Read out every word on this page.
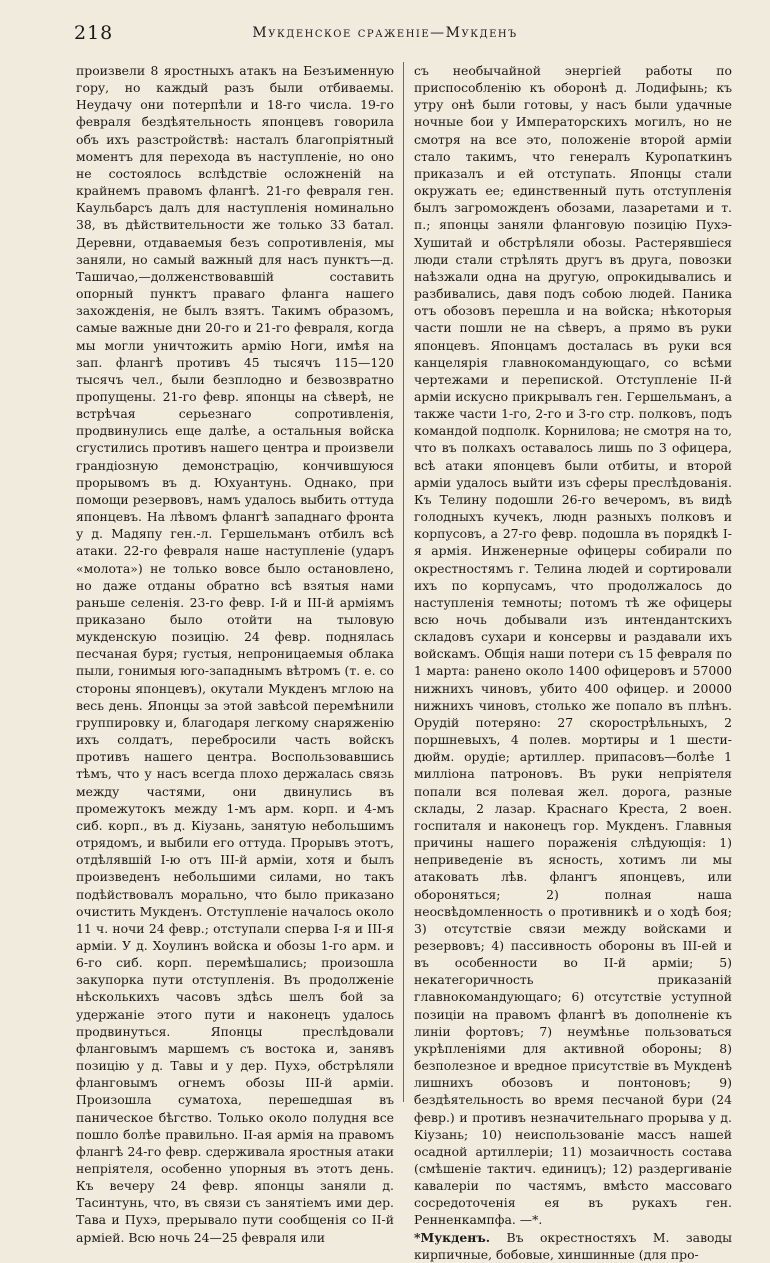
218	Мукденское сраженіе—Мукденъ

произвели 8 яростныхъ атакъ на Безъименную гору, но каждый разъ были отбиваемы. Неудачу они потерпѣли и 18-го числа. 19-го февраля бездѣятельность японцевъ говорила объ ихъ разстройствѣ: насталъ благопріятный моментъ для перехода въ наступленіе, но оно не состоялось вслѣдствіе осложненій на крайнемъ правомъ флангѣ. 21-го февраля ген. Каульбарсъ далъ для наступленія номинально 38, въ дѣйствительности же только 33 батал. Деревни, отдаваемыя безъ сопротивленія, мы заняли, но самый важный для насъ пунктъ—д. Ташичао,—долженствовавшій составить опорный пунктъ праваго фланга нашего захожденія, не былъ взятъ. Такимъ образомъ, самые важные дни 20-го и 21-го февраля, когда мы могли уничтожить армію Ноги, имѣя на зап. флангѣ противъ 45 тысячъ 115—120 тысячъ чел., были безплодно и безвозвратно пропущены. 21-го февр. японцы на сѣверѣ, не встрѣчая серьезнаго сопротивленія, продвинулись еще далѣе, а остальныя войска сгустились противъ нашего центра и произвели грандіозную демонстрацію, кончившуюся прорывомъ въ д. Юхуантунь. Однако, при помощи резервовъ, намъ удалось выбить оттуда японцевъ. На лѣвомъ флангѣ западнаго фронта у д. Мадяпу ген.-л. Гершельманъ отбилъ всѣ атаки. 22-го февраля наше наступленіе (ударъ «молота») не только вовсе было остановлено, но даже отданы обратно всѣ взятыя нами раньше селенія. 23-го февр. I-й и III-й арміямъ приказано было отойти на тыловую мукденскую позицію. 24 февр. поднялась песчаная буря; густыя, непроницаемыя облака пыли, гонимыя юго-западнымъ вѣтромъ (т. е. со стороны японцевъ), окутали Мукденъ мглою на весь день. Японцы за этой завѣсой перемѣнили группировку и, благодаря легкому снаряженію ихъ солдатъ, перебросили часть войскъ противъ нашего центра. Воспользовавшись тѣмъ, что у насъ всегда плохо держалась связь между частями, они двинулись въ промежутокъ между 1-мъ арм. корп. и 4-мъ сиб. корп., въ д. Кіузань, занятую небольшимъ отрядомъ, и выбили его оттуда. Прорывъ этотъ, отдѣлявшій I-ю отъ III-й арміи, хотя и былъ произведенъ небольшими силами, но такъ подѣйствовалъ морально, что было приказано очистить Мукденъ. Отступленіе началось около 11 ч. ночи 24 февр.; отступали сперва I-я и III-я арміи. У д. Хоулинъ войска и обозы 1-го арм. и 6-го сиб. корп. перемѣшались; произошла закупорка пути отступленія. Въ продолженіе нѣсколькихъ часовъ здѣсь шелъ бой за удержаніе этого пути и наконецъ удалось продвинуться. Японцы преслѣдовали фланговымъ маршемъ съ востока и, занявъ позицію у д. Тавы и у дер. Пухэ, обстрѣляли фланговымъ огнемъ обозы III-й арміи. Произошла суматоха, перешедшая въ паническое бѣгство. Только около полудня все пошло болѣе правильно. II-ая армія на правомъ флангѣ 24-го февр. сдерживала яростныя атаки непріятеля, особенно упорныя въ этотъ день. Къ вечеру 24 февр. японцы заняли д. Тасинтунь, что, въ связи съ занятіемъ ими дер. Тава и Пухэ, прерывало пути сообщенія со II-й арміей. Всю ночь 24—25 февраля или

съ необычайной энергіей работы по приспособленію къ оборонѣ д. Лодифынь; къ утру онѣ были готовы, у насъ были удачные ночные бои у Императорскихъ могилъ, но не смотря на все это, положеніе второй арміи стало такимъ, что генералъ Куропаткинъ приказалъ и ей отступать. Японцы стали окружать ее; единственный путь отступленія былъ загроможденъ обозами, лазаретами и т. п.; японцы заняли фланговую позицію Пухэ-Хушитай и обстрѣляли обозы. Растерявшіеся люди стали стрѣлять другъ въ друга, повозки наѣзжали одна на другую, опрокидывались и разбивались, давя подъ собою людей. Паника отъ обозовъ перешла и на войска; нѣкоторыя части пошли не на сѣверъ, а прямо въ руки японцевъ. Японцамъ досталась въ руки вся канцелярія главнокомандующаго, со всѣми чертежами и перепиской. Отступленіе II-й арміи искусно прикрывалъ ген. Гершельманъ, а также части 1-го, 2-го и 3-го стр. полковъ, подъ командой подполк. Корнилова; не смотря на то, что въ полкахъ оставалось лишь по 3 офицера, всѣ атаки японцевъ были отбиты, и второй арміи удалось выйти изъ сферы преслѣдованія. Къ Телину подошли 26-го вечеромъ, въ видѣ голодныхъ кучекъ, людн разныхъ полковъ и корпусовъ, а 27-го февр. подошла въ порядкѣ I-я армія. Инженерные офицеры собирали по окрестностямъ г. Телина людей и сортировали ихъ по корпусамъ, что продолжалось до наступленія темноты; потомъ тѣ же офицеры всю ночь добывали изъ интендантскихъ складовъ сухари и консервы и раздавали ихъ войскамъ. Общія наши потери съ 15 февраля по 1 марта: ранено около 1400 офицеровъ и 57000 нижнихъ чиновъ, убито 400 офицер. и 20000 нижнихъ чиновъ, столько же попало въ плѣнъ. Орудій потеряно: 27 скорострѣльныхъ, 2 поршневыхъ, 4 полев. мортиры и 1 шести-дюйм. орудіе; артиллер. припасовъ—болѣе 1 милліона патроновъ. Въ руки непріятеля попали вся полевая жел. дорога, разные склады, 2 лазар. Краснаго Креста, 2 воен. госпиталя и наконецъ гор. Мукденъ. Главныя причины нашего пораженія слѣдующія: 1) неприведеніе въ ясность, хотимъ ли мы атаковать лѣв. флангъ японцевъ, или обороняться; 2) полная наша неосвѣдомленность о противникѣ и о ходѣ боя; 3) отсутствіе связи между войсками и резервовъ; 4) пассивность обороны въ III-ей и въ особенности во II-й арміи; 5) некатегоричность приказаній главнокомандующаго; 6) отсутствіе уступной позиціи на правомъ флангѣ въ дополненіе къ линіи фортовъ; 7) неумѣнье пользоваться укрѣпленіями для активной обороны; 8) безполезное и вредное присутствіе въ Мукденѣ лишнихъ обозовъ и понтоновъ; 9) бездѣятельность во время песчаной бури (24 февр.) и противъ незначительнаго прорыва у д. Кіузань; 10) неиспользованіе массъ нашей осадной артиллеріи; 11) мозаичность состава (смѣшеніе тактич. единицъ); 12) раздергиваніе кавалеріи по частямъ, вмѣсто массоваго сосредоточенія ея въ рукахъ ген. Ренненкампфа. —*.

*Мукденъ. Въ окрестностяхъ М. заводы кирпичные, бобовые, хиншинные (для про-
